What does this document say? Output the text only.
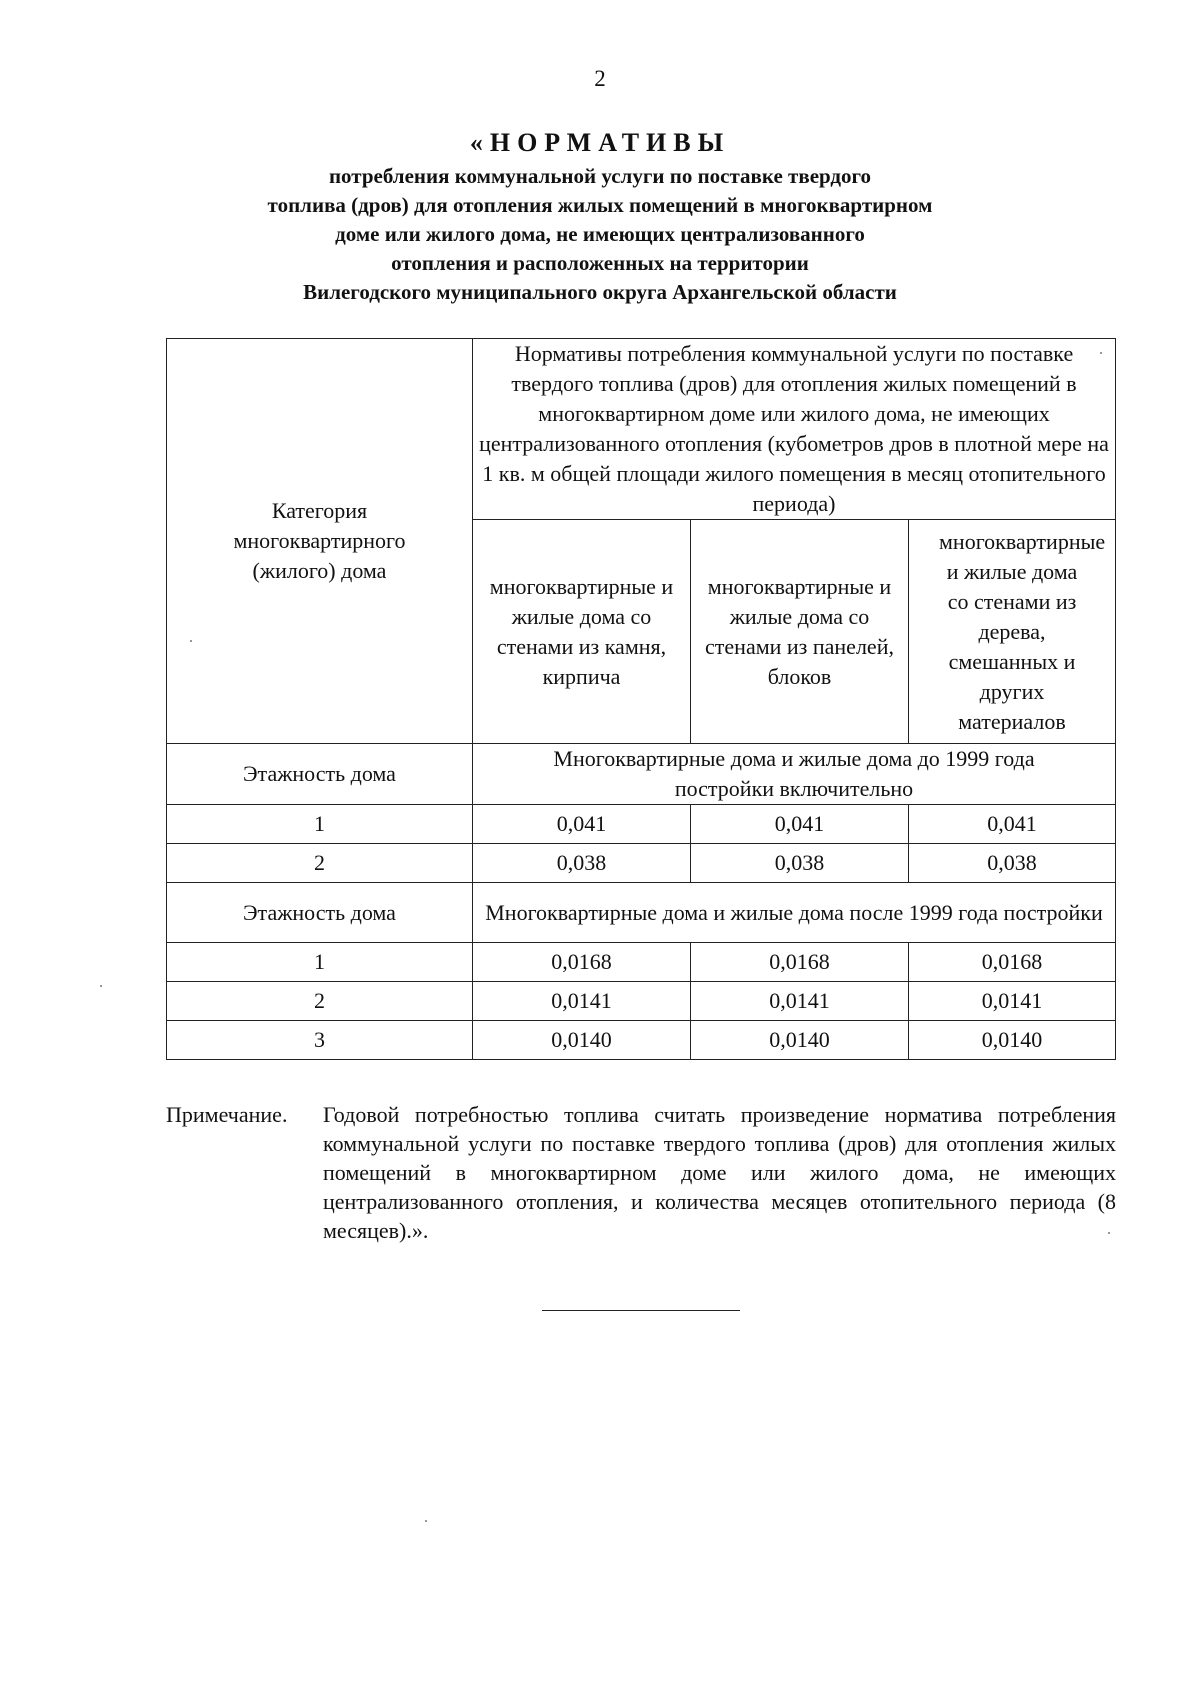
2
«НОРМАТИВЫ
потребления коммунальной услуги по поставке твердого
топлива (дров) для отопления жилых помещений в многоквартирном
доме или жилого дома, не имеющих централизованного
отопления и расположенных на территории
Вилегодского муниципального округа Архангельской области
Категория многоквартирного (жилого) дома	Нормативы потребления коммунальной услуги по поставке твердого топлива (дров) для отопления жилых помещений в многоквартирном доме или жилого дома, не имеющих централизованного отопления (кубометров дров в плотной мере на 1 кв. м общей площади жилого помещения в месяц отопительного периода)		
	многоквартирные и жилые дома со стенами из камня, кирпича	многоквартирные и жилые дома со стенами из панелей, блоков	многоквартирные и жилые дома со стенами из дерева, смешанных и других материалов
Этажность дома	Многоквартирные дома и жилые дома до 1999 года постройки включительно		
1	0,041	0,041	0,041
2	0,038	0,038	0,038
Этажность дома	Многоквартирные дома и жилые дома после 1999 года постройки		
1	0,0168	0,0168	0,0168
2	0,0141	0,0141	0,0141
3	0,0140	0,0140	0,0140
Примечание. Годовой потребностью топлива считать произведение норматива потребления коммунальной услуги по поставке твердого топлива (дров) для отопления жилых помещений в многоквартирном доме или жилого дома, не имеющих централизованного отопления, и количества месяцев отопительного периода (8 месяцев).».
